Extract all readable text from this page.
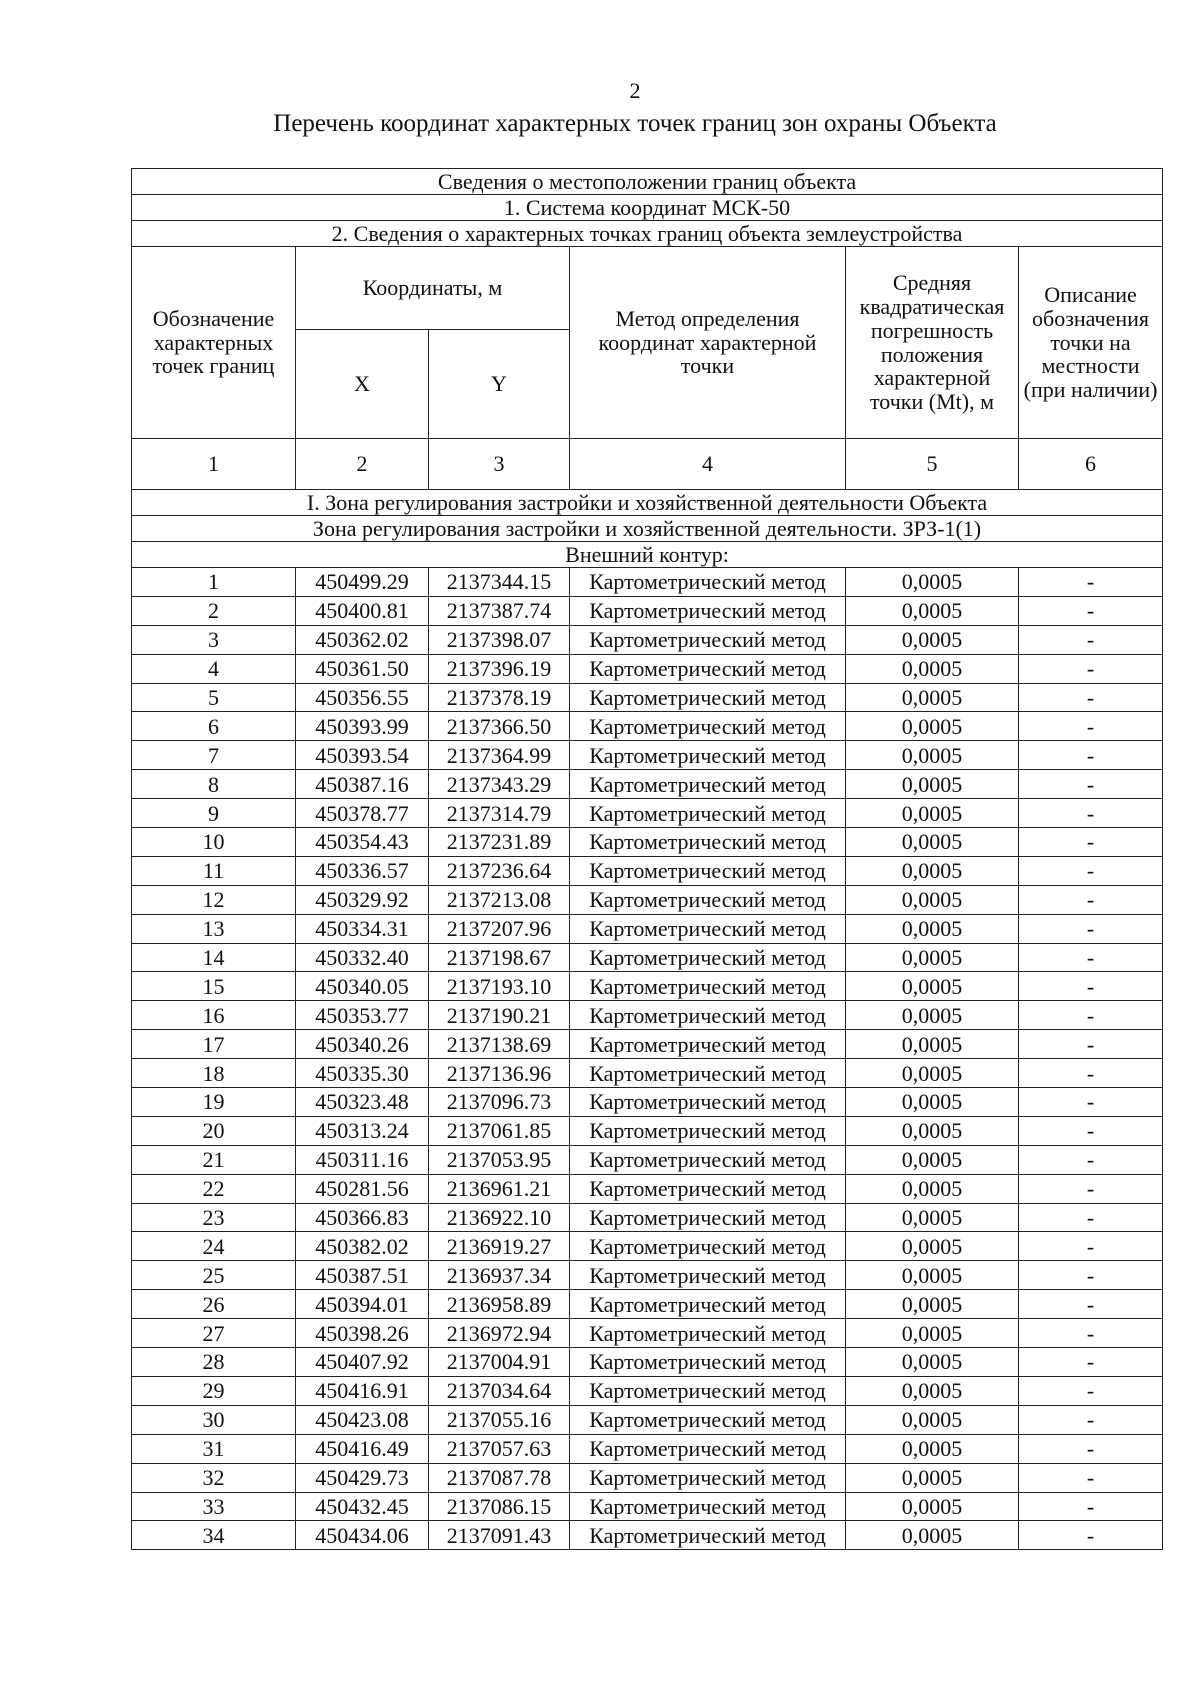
2
Перечень координат характерных точек границ зон охраны Объекта
Сведения о местоположении границ объекта					
1. Система координат МСК-50					
2. Сведения о характерных точках границ объекта землеустройства					
Обозначение характерных точек границ	Координаты, м		Метод определения координат характерной точки	Средняя квадратическая погрешность положения характерной точки (Mt), м	Описание обозначения точки на местности (при наличии)
	X	Y			
1	2	3	4	5	6
I. Зона регулирования застройки и хозяйственной деятельности Объекта					
Зона регулирования застройки и хозяйственной деятельности. ЗРЗ-1(1)					
Внешний контур:					
1	450499.29	2137344.15	Картометрический метод	0,0005	-
2	450400.81	2137387.74	Картометрический метод	0,0005	-
3	450362.02	2137398.07	Картометрический метод	0,0005	-
4	450361.50	2137396.19	Картометрический метод	0,0005	-
5	450356.55	2137378.19	Картометрический метод	0,0005	-
6	450393.99	2137366.50	Картометрический метод	0,0005	-
7	450393.54	2137364.99	Картометрический метод	0,0005	-
8	450387.16	2137343.29	Картометрический метод	0,0005	-
9	450378.77	2137314.79	Картометрический метод	0,0005	-
10	450354.43	2137231.89	Картометрический метод	0,0005	-
11	450336.57	2137236.64	Картометрический метод	0,0005	-
12	450329.92	2137213.08	Картометрический метод	0,0005	-
13	450334.31	2137207.96	Картометрический метод	0,0005	-
14	450332.40	2137198.67	Картометрический метод	0,0005	-
15	450340.05	2137193.10	Картометрический метод	0,0005	-
16	450353.77	2137190.21	Картометрический метод	0,0005	-
17	450340.26	2137138.69	Картометрический метод	0,0005	-
18	450335.30	2137136.96	Картометрический метод	0,0005	-
19	450323.48	2137096.73	Картометрический метод	0,0005	-
20	450313.24	2137061.85	Картометрический метод	0,0005	-
21	450311.16	2137053.95	Картометрический метод	0,0005	-
22	450281.56	2136961.21	Картометрический метод	0,0005	-
23	450366.83	2136922.10	Картометрический метод	0,0005	-
24	450382.02	2136919.27	Картометрический метод	0,0005	-
25	450387.51	2136937.34	Картометрический метод	0,0005	-
26	450394.01	2136958.89	Картометрический метод	0,0005	-
27	450398.26	2136972.94	Картометрический метод	0,0005	-
28	450407.92	2137004.91	Картометрический метод	0,0005	-
29	450416.91	2137034.64	Картометрический метод	0,0005	-
30	450423.08	2137055.16	Картометрический метод	0,0005	-
31	450416.49	2137057.63	Картометрический метод	0,0005	-
32	450429.73	2137087.78	Картометрический метод	0,0005	-
33	450432.45	2137086.15	Картометрический метод	0,0005	-
34	450434.06	2137091.43	Картометрический метод	0,0005	-
